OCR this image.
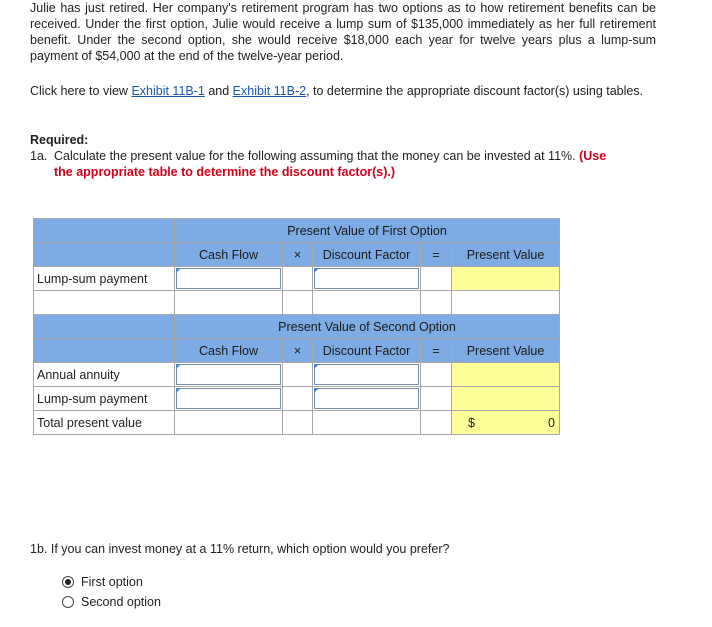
Julie has just retired. Her company's retirement program has two options as to how retirement benefits can be received. Under the first option, Julie would receive a lump sum of $135,000 immediately as her full retirement benefit. Under the second option, she would receive $18,000 each year for twelve years plus a lump-sum payment of $54,000 at the end of the twelve-year period.

Click here to view Exhibit 11B-1 and Exhibit 11B-2, to determine the appropriate discount factor(s) using tables.

Required:

1a. Calculate the present value for the following assuming that the money can be invested at 11%. (Use
the appropriate table to determine the discount factor(s).)
	Present Value of First Option				
	Cash Flow	×	Discount Factor	=	Present Value
Lump-sum payment	

	Present Value of Second Option				
	Cash Flow	×	Discount Factor	=	Present Value
Annual annuity	

Lump-sum payment	

Total present value					$ 0

1b. If you can invest money at a 11% return, which option would you prefer?

First option
Second option
